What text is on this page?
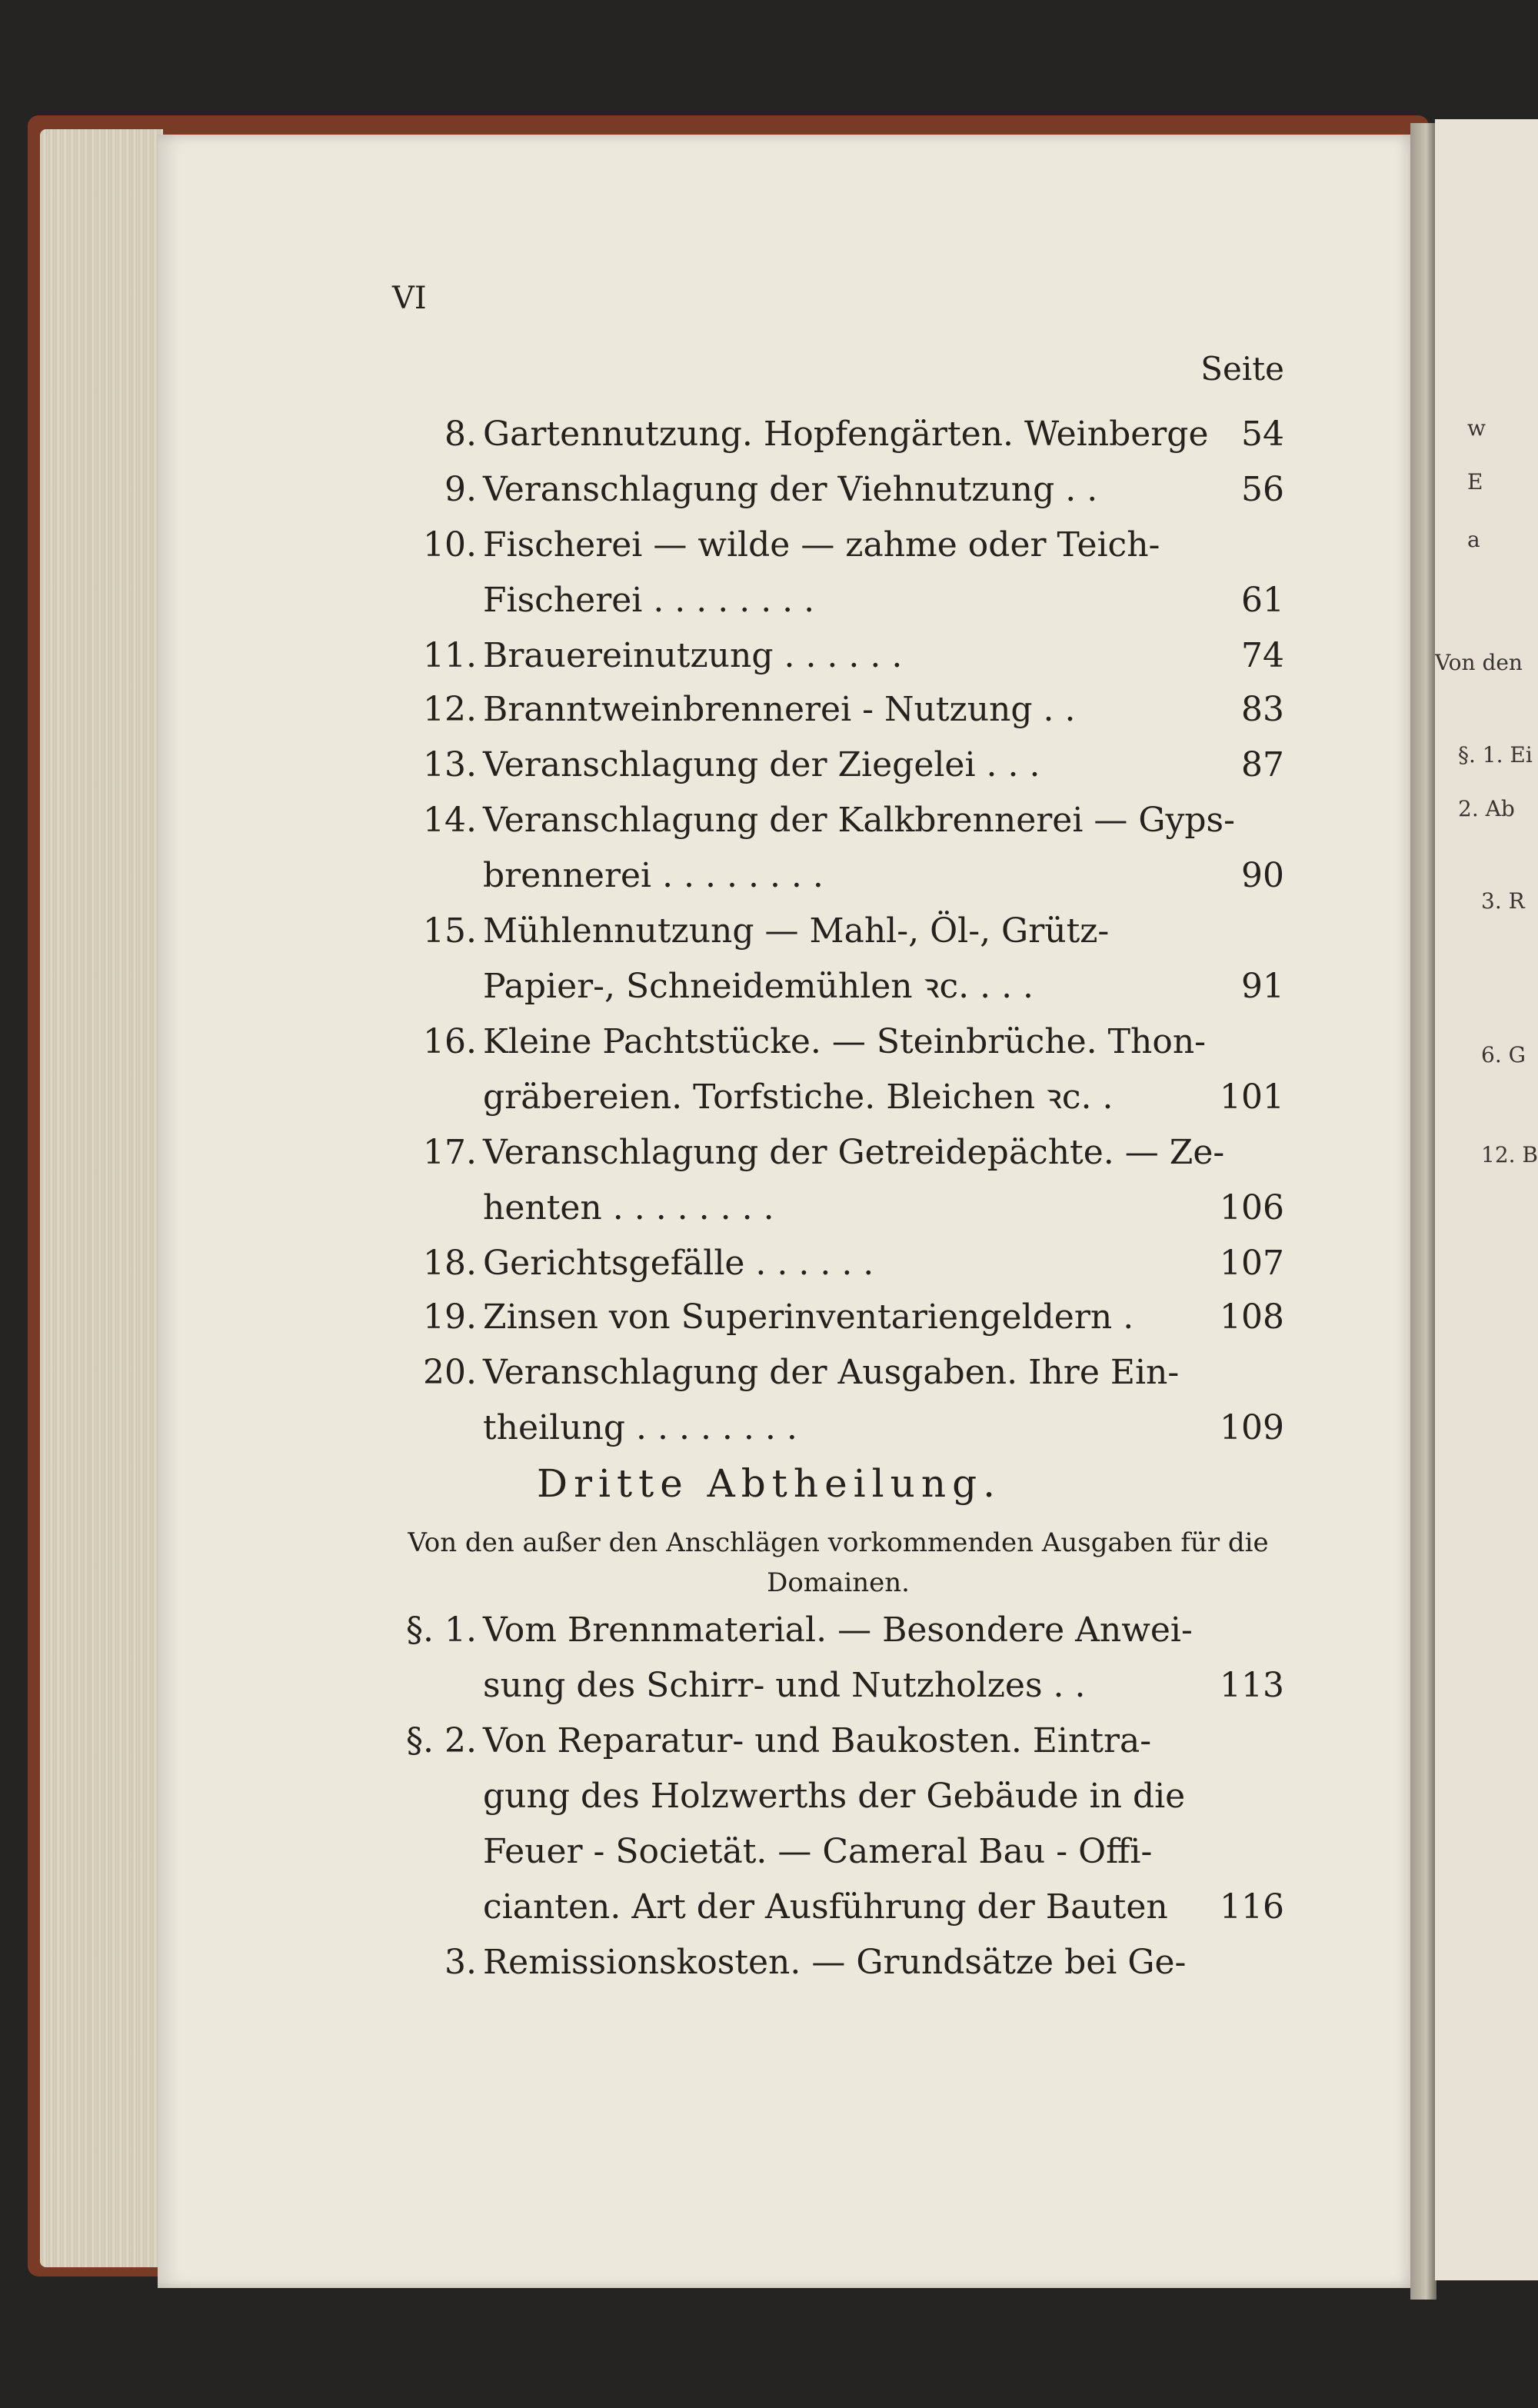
w
E
a
Von den
§. 1. Ei
2. Ab
3. R
6. G
12. B
VI
Seite
8. Gartennutzung. Hopfengärten. Weinberge 54
9. Veranschlagung der Viehnutzung . .	56
10. Fischerei — wilde — zahme oder Teich-
Fischerei . . . . . . . .	61
11. Brauereinutzung . . . . . .	74
12. Branntweinbrennerei - Nutzung . .	83
13. Veranschlagung der Ziegelei . . .	87
14. Veranschlagung der Kalkbrennerei — Gyps-
brennerei . . . . . . . .	90
15. Mühlennutzung — Mahl-, Öl-, Grütz-
Papier-, Schneidemühlen ꝛc. . . .	91
16. Kleine Pachtstücke. — Steinbrüche. Thon-
gräbereien. Torfstiche. Bleichen ꝛc. .	101
17. Veranschlagung der Getreidepächte. — Ze-
henten . . . . . . . .	106
18. Gerichtsgefälle . . . . . .	107
19. Zinsen von Superinventariengeldern .	108
20. Veranschlagung der Ausgaben. Ihre Ein-
theilung . . . . . . . .	109
Dritte Abtheilung.
Von den außer den Anschlägen vorkommenden Ausgaben für die Domainen.
§. 1. Vom Brennmaterial. — Besondere Anwei-
sung des Schirr- und Nutzholzes . .	113
§. 2. Von Reparatur- und Baukosten. Eintra-
gung des Holzwerths der Gebäude in die
Feuer - Societät. — Cameral Bau - Offi-
cianten. Art der Ausführung der Bauten 116
3. Remissionskosten. — Grundsätze bei Ge-
